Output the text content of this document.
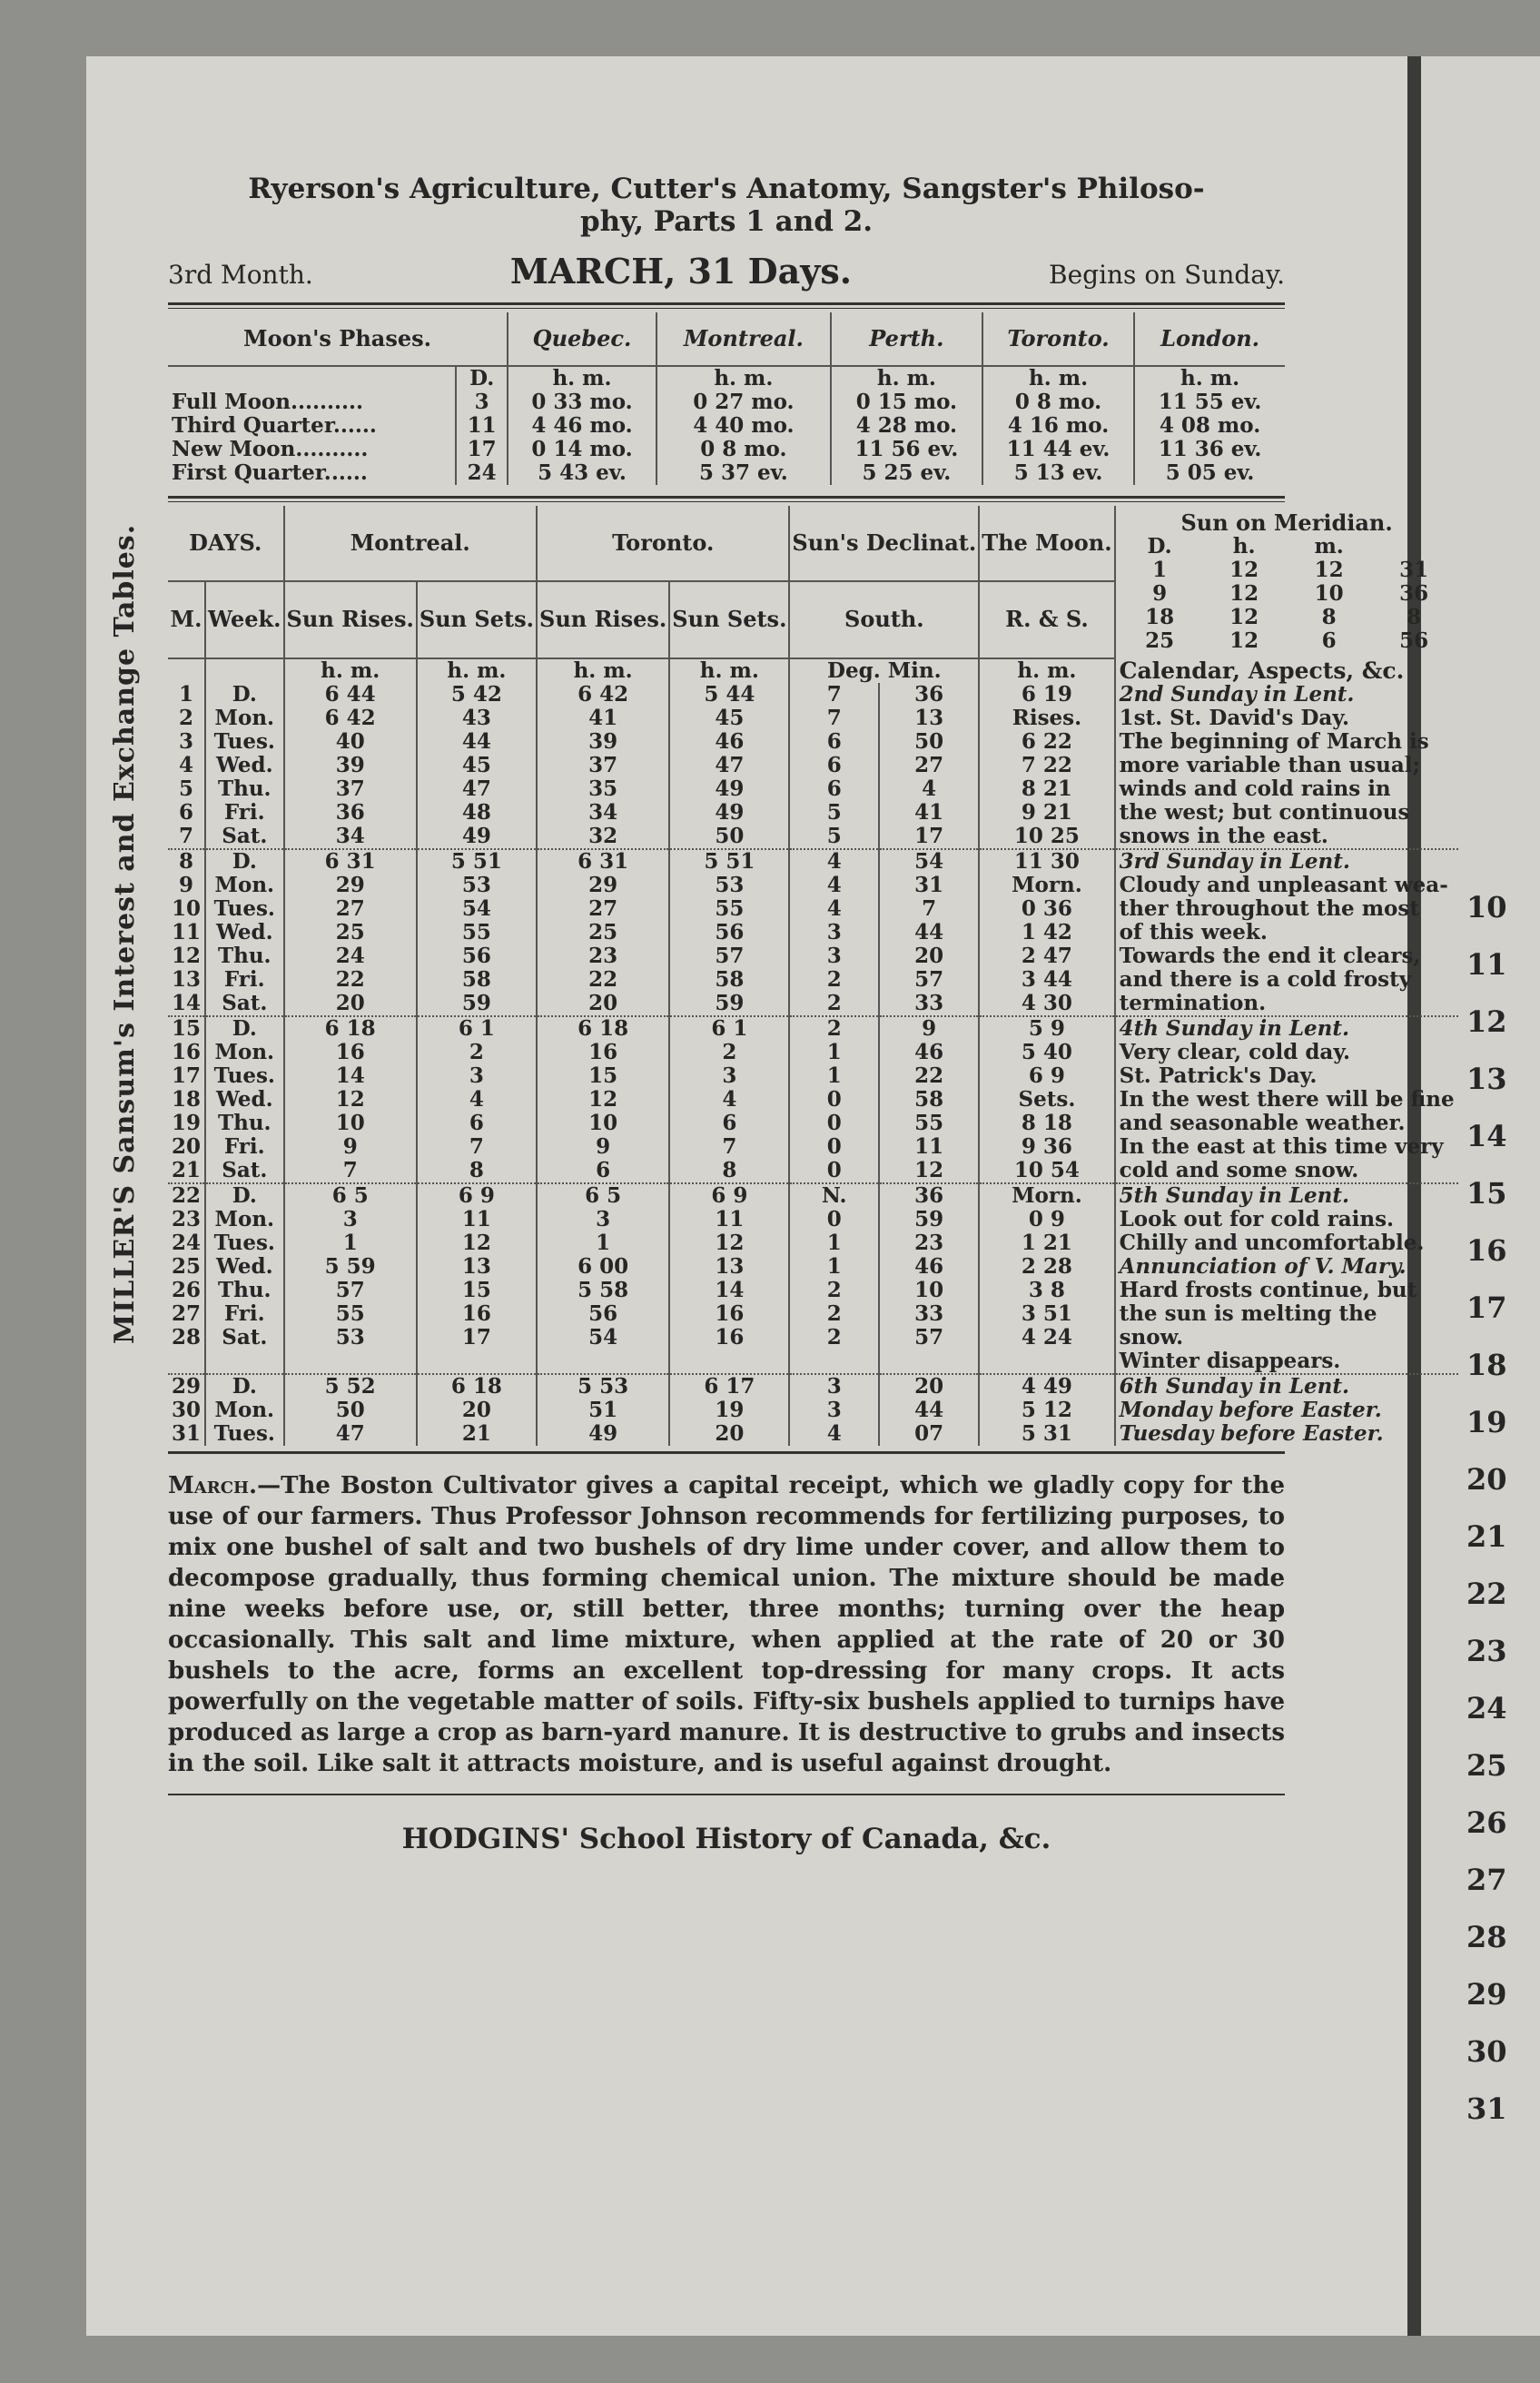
MILLER'S Sansum's Interest and Exchange Tables.
Ryerson's Agriculture, Cutter's Anatomy, Sangster's Philoso-
phy, Parts 1 and 2.
3rd Month.	MARCH, 31 Days.	Begins on Sunday.
Moon's Phases.		Quebec.	Montreal.	Perth.	Toronto.	London.
	D.	h. m.	h. m.	h. m.	h. m.	h. m.
Full Moon..........	3	0 33 mo.	0 27 mo.	0 15 mo.	0 8 mo.	11 55 ev.
Third Quarter......	11	4 46 mo.	4 40 mo.	4 28 mo.	4 16 mo.	4 08 mo.
New Moon..........	17	0 14 mo.	0 8 mo.	11 56 ev.	11 44 ev.	11 36 ev.
First Quarter......	24	5 43 ev.	5 37 ev.	5 25 ev.	5 13 ev.	5 05 ev.
DAYS.	Montreal.	Toronto.	Sun's Declinat.	The Moon.	
Sun on Meridian.
D.	h.	m.	
1	12	12	31
9	12	10	36
18	12	8	8
25	12	6	56

M.	Week.	Sun Rises.	Sun Sets.	Sun Rises.	Sun Sets.	South.	R. & S.
		h. m.	h. m.	h. m.	h. m.	Deg. Min.	h. m.	Calendar, Aspects, &c.
1	D.	6 44	5 42	6 42	5 44	7	36	6 19	2nd Sunday in Lent.
2	Mon.	6 42	43	41	45	7	13	Rises.	1st. St. David's Day.
3	Tues.	40	44	39	46	6	50	6 22	The beginning of March is
4	Wed.	39	45	37	47	6	27	7 22	more variable than usual;
5	Thu.	37	47	35	49	6	4	8 21	winds and cold rains in
6	Fri.	36	48	34	49	5	41	9 21	the west; but continuous
7	Sat.	34	49	32	50	5	17	10 25	snows in the east.
8	D.	6 31	5 51	6 31	5 51	4	54	11 30	3rd Sunday in Lent.
9	Mon.	29	53	29	53	4	31	Morn.	Cloudy and unpleasant wea-
10	Tues.	27	54	27	55	4	7	0 36	ther throughout the most
11	Wed.	25	55	25	56	3	44	1 42	of this week.
12	Thu.	24	56	23	57	3	20	2 47	Towards the end it clears,
13	Fri.	22	58	22	58	2	57	3 44	and there is a cold frosty
14	Sat.	20	59	20	59	2	33	4 30	termination.
15	D.	6 18	6 1	6 18	6 1	2	9	5 9	4th Sunday in Lent.
16	Mon.	16	2	16	2	1	46	5 40	Very clear, cold day.
17	Tues.	14	3	15	3	1	22	6 9	St. Patrick's Day.
18	Wed.	12	4	12	4	0	58	Sets.	In the west there will be fine
19	Thu.	10	6	10	6	0	55	8 18	and seasonable weather.
20	Fri.	9	7	9	7	0	11	9 36	In the east at this time very
21	Sat.	7	8	6	8	0	12	10 54	cold and some snow.
22	D.	6 5	6 9	6 5	6 9	N.	36	Morn.	5th Sunday in Lent.
23	Mon.	3	11	3	11	0	59	0 9	Look out for cold rains.
24	Tues.	1	12	1	12	1	23	1 21	Chilly and uncomfortable.
25	Wed.	5 59	13	6 00	13	1	46	2 28	Annunciation of V. Mary.
26	Thu.	57	15	5 58	14	2	10	3 8	Hard frosts continue, but
27	Fri.	55	16	56	16	2	33	3 51	the sun is melting the
28	Sat.	53	17	54	16	2	57	4 24	snow.
									Winter disappears.
29	D.	5 52	6 18	5 53	6 17	3	20	4 49	6th Sunday in Lent.
30	Mon.	50	20	51	19	3	44	5 12	Monday before Easter.
31	Tues.	47	21	49	20	4	07	5 31	Tuesday before Easter.
March.—The Boston Cultivator gives a capital receipt, which we gladly copy for the use of our farmers. Thus Professor Johnson recommends for fertilizing purposes, to mix one bushel of salt and two bushels of dry lime under cover, and allow them to decompose gradually, thus forming chemical union. The mixture should be made nine weeks before use, or, still better, three months; turning over the heap occasionally. This salt and lime mixture, when applied at the rate of 20 or 30 bushels to the acre, forms an excellent top-dressing for many crops. It acts powerfully on the vegetable matter of soils. Fifty-six bushels applied to turnips have produced as large a crop as barn-yard manure. It is destructive to grubs and insects in the soil. Like salt it attracts moisture, and is useful against drought.
HODGINS' School History of Canada, &c.
10
11
12
13
14
15
16
17
18
19
20
21
22
23
24
25
26
27
28
29
30
31
